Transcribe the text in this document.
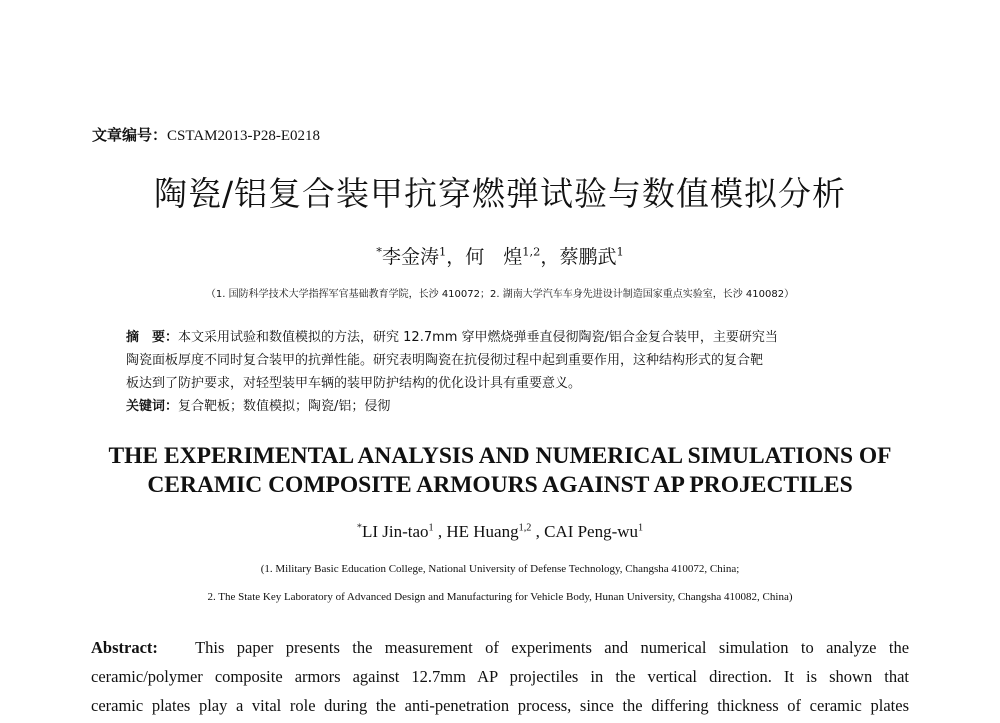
文章编号：CSTAM2013-P28-E0218
陶瓷/铝复合装甲抗穿燃弹试验与数值模拟分析
*李金涛$^1$，何　煌$^{1,2}$，蔡鹏武$^1$
（1. 国防科学技术大学指挥军官基础教育学院，长沙 410072；2. 湖南大学汽车车身先进设计制造国家重点实验室，长沙 410082）
摘　要：本文采用试验和数值模拟的方法，研究 12.7mm 穿甲燃烧弹垂直侵彻陶瓷/铝合金复合装甲，主要研究当
陶瓷面板厚度不同时复合装甲的抗弹性能。研究表明陶瓷在抗侵彻过程中起到重要作用，这种结构形式的复合靶
板达到了防护要求，对轻型装甲车辆的装甲防护结构的优化设计具有重要意义。
关键词：复合靶板；数值模拟；陶瓷/铝；侵彻
THE EXPERIMENTAL ANALYSIS AND NUMERICAL SIMULATIONS OF
CERAMIC COMPOSITE ARMOURS AGAINST AP PROJECTILES
*LI Jin-tao$^1$ , HE Huang$^{1,2}$ , CAI Peng-$wu^1$
(1. Military Basic Education College, National University of Defense Technology, Changsha 410072, China;
2. The State Key Laboratory of Advanced Design and Manufacturing for Vehicle Body, Hunan University, Changsha 410082, China)
Abstract: This paper presents the measurement of experiments and numerical simulation to analyze the
ceramic/polymer composite armors against 12.7mm AP projectiles in the vertical direction. It is shown that
ceramic plates play a vital role during the anti-penetration process, since the differing thickness of ceramic plates
